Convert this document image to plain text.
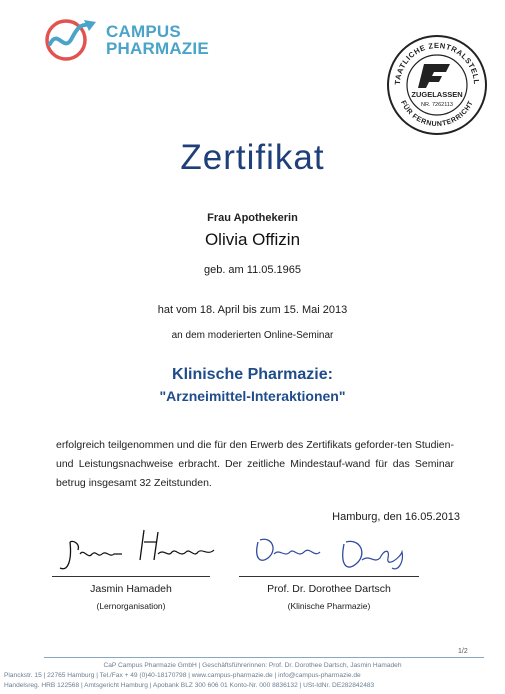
CAMPUS
PHARMAZIE
TAATLICHE ZENTRALSTELL
FÜR FERNUNTERRICHT
ZUGELASSEN
NR. 7262113
Zertifikat
Frau Apothekerin
Olivia Offizin
geb. am 11.05.1965
hat vom 18. April bis zum 15. Mai 2013
an dem moderierten Online-Seminar
Klinische Pharmazie:
"Arzneimittel-Interaktionen"
erfolgreich teilgenommen und die für den Erwerb des Zertifikats geforder-ten Studien- und Leistungsnachweise erbracht. Der zeitliche Mindestauf-wand für das Seminar betrug insgesamt 32 Zeitstunden.
Hamburg, den 16.05.2013
Jasmin Hamadeh
(Lernorganisation)
Prof. Dr. Dorothee Dartsch
(Klinische Pharmazie)
1/2
CaP Campus Pharmazie GmbH | Geschäftsführerinnen: Prof. Dr. Dorothee Dartsch, Jasmin Hamadeh
Planckstr. 15 | 22765 Hamburg | Tel./Fax + 49 (0)40-18170798 | www.campus-pharmazie.de | info@campus-pharmazie.de
Handelsreg. HRB 122568 | Amtsgericht Hamburg | Apobank BLZ 300 606 01 Konto-Nr. 000 8836132 | USt-IdNr. DE282842483
